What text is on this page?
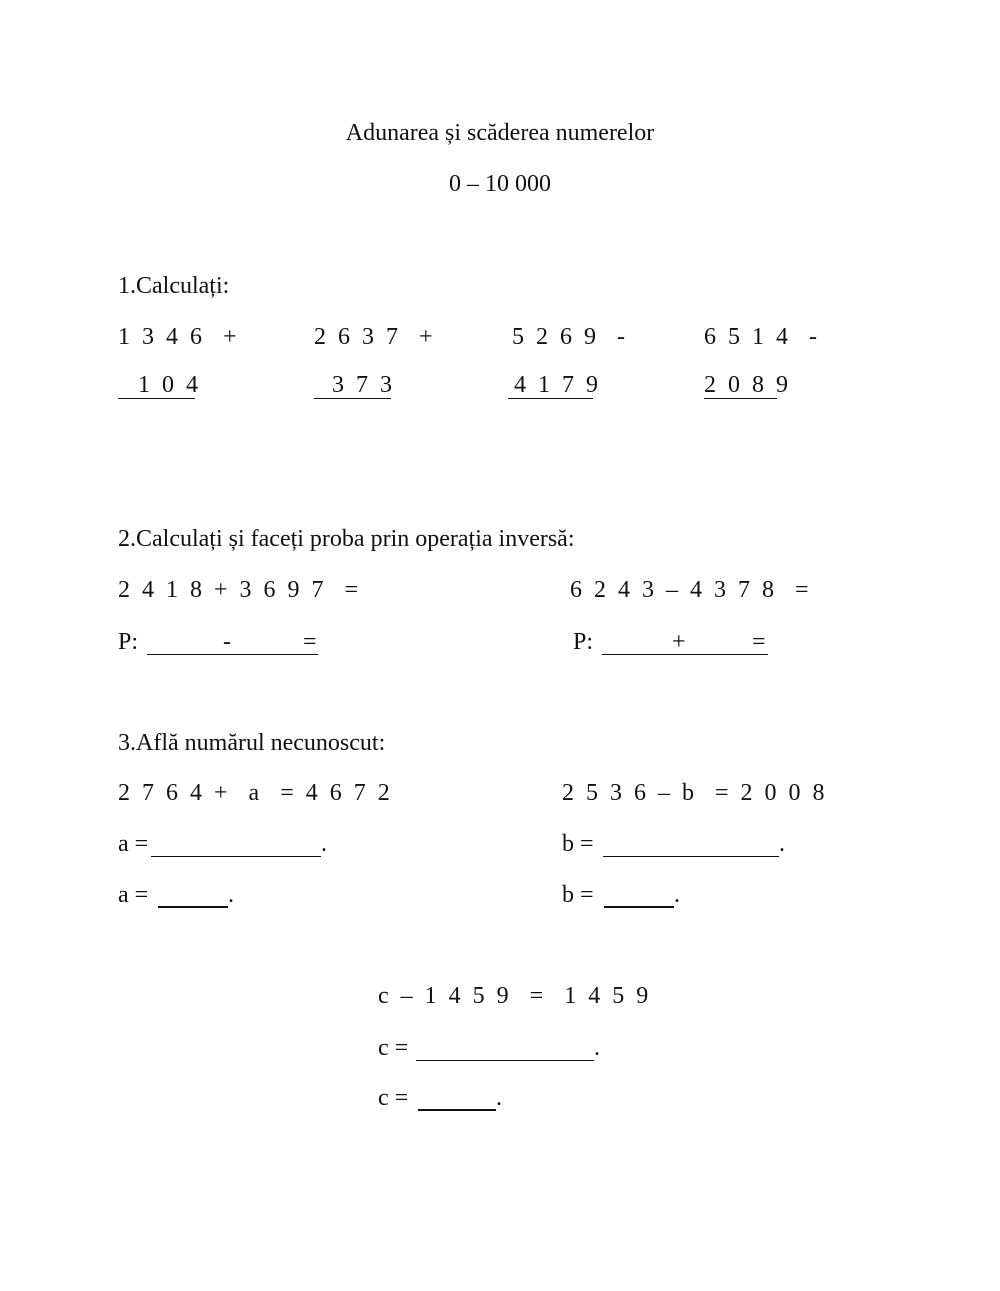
Adunarea și scăderea numerelor
0 – 10 000
1.Calculați:
1 3 4 6  +	2 6 3 7  +	5 2 6 9  -	6 5 1 4  -
1 0 4	3 7 3	4 1 7 9	2 0 8 9
2.Calculați și faceți proba prin operația inversă:
2 4 1 8 + 3 6 9 7  =	6 2 4 3 – 4 3 7 8  =
P:	-	=	P:	+	=
3.Află numărul necunoscut:
2 7 6 4 +  a  = 4 6 7 2	2 5 3 6 – b  = 2 0 0 8
a =	.	b =	.
a =	.	b =	.
c – 1 4 5 9  =  1 4 5 9
c =	.
c =	.
